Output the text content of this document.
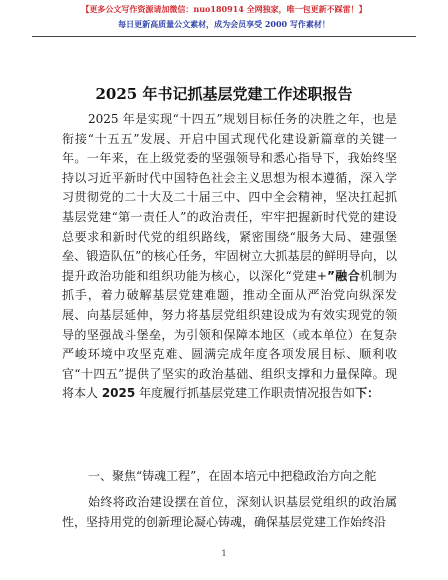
【更多公文写作资源请加微信：nuo180914 全网独家，唯一包更新不踩雷！】
每日更新高质量公文素材，成为会员享受 2000 写作素材！
2025 年书记抓基层党建工作述职报告

2025 年是实现“十四五”规划目标任务的决胜之年，也是衔接“十五五”发展、开启中国式现代化建设新篇章的关键一年。一年来，在上级党委的坚强领导和悉心指导下，我始终坚持以习近平新时代中国特色社会主义思想为根本遵循，深入学习贯彻党的二十大及二十届三中、四中全会精神，坚决扛起抓基层党建“第一责任人”的政治责任，牢牢把握新时代党的建设总要求和新时代党的组织路线，紧密围绕“服务大局、建强堡垒、锻造队伍”的核心任务，牢固树立大抓基层的鲜明导向，以提升政治功能和组织功能为核心，以深化“党建+”融合机制为抓手，着力破解基层党建难题，推动全面从严治党向纵深发展、向基层延伸，努力将基层党组织建设成为有效实现党的领导的坚强战斗堡垒，为引领和保障本地区（或本单位）在复杂严峻环境中攻坚克难、圆满完成年度各项发展目标、顺利收官“十四五”提供了坚实的政治基础、组织支撑和力量保障。现将本人 2025 年度履行抓基层党建工作职责情况报告如下：

一、聚焦“铸魂工程”，在固本培元中把稳政治方向之舵

始终将政治建设摆在首位，深刻认识基层党组织的政治属性，坚持用党的创新理论凝心铸魂，确保基层党建工作始终沿

1
